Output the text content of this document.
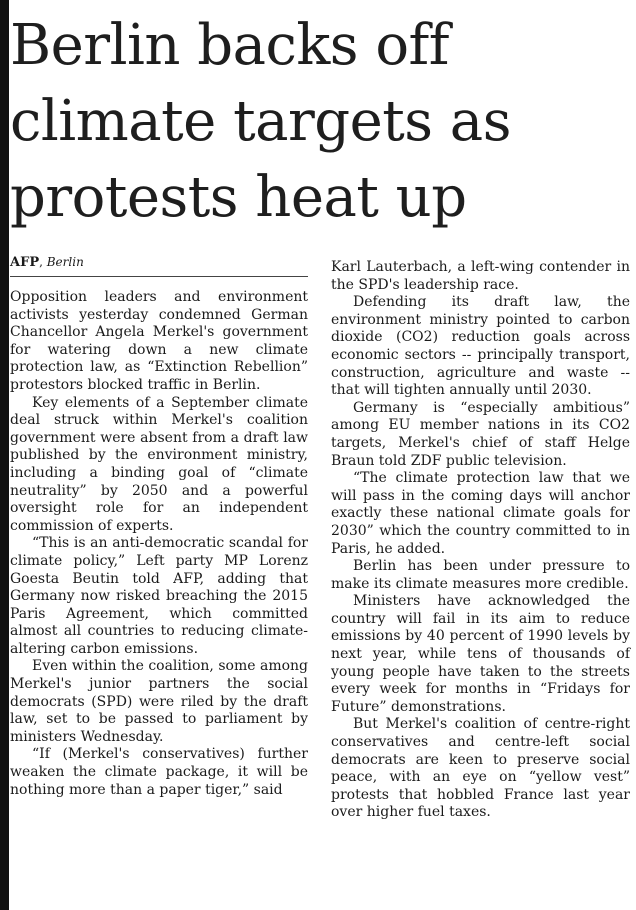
Berlin backs off
climate targets as
protests heat up
AFP, Berlin

Opposition leaders and environment activists yesterday condemned German Chancellor Angela Merkel's government for watering down a new climate protection law, as “Extinction Rebellion” protestors blocked traffic in Berlin.

Key elements of a September climate deal struck within Merkel's coalition government were absent from a draft law published by the environment ministry, including a binding goal of “climate neutrality” by 2050 and a powerful oversight role for an independent commission of experts.

“This is an anti-democratic scandal for climate policy,” Left party MP Lorenz Goesta Beutin told AFP, adding that Germany now risked breaching the 2015 Paris Agreement, which committed almost all countries to reducing climate-altering carbon emissions.

Even within the coalition, some among Merkel's junior partners the social democrats (SPD) were riled by the draft law, set to be passed to parliament by ministers Wednesday.

“If (Merkel's conservatives) further weaken the climate package, it will be nothing more than a paper tiger,” said

Karl Lauterbach, a left-wing contender in the SPD's leadership race.

Defending its draft law, the environment ministry pointed to carbon dioxide (CO2) reduction goals across economic sectors -- principally transport, construction, agriculture and waste -- that will tighten annually until 2030.

Germany is “especially ambitious” among EU member nations in its CO2 targets, Merkel's chief of staff Helge Braun told ZDF public television.

“The climate protection law that we will pass in the coming days will anchor exactly these national climate goals for 2030” which the country committed to in Paris, he added.

Berlin has been under pressure to make its climate measures more credible.

Ministers have acknowledged the country will fail in its aim to reduce emissions by 40 percent of 1990 levels by next year, while tens of thousands of young people have taken to the streets every week for months in “Fridays for Future” demonstrations.

But Merkel's coalition of centre-right conservatives and centre-left social democrats are keen to preserve social peace, with an eye on “yellow vest” protests that hobbled France last year over higher fuel taxes.
